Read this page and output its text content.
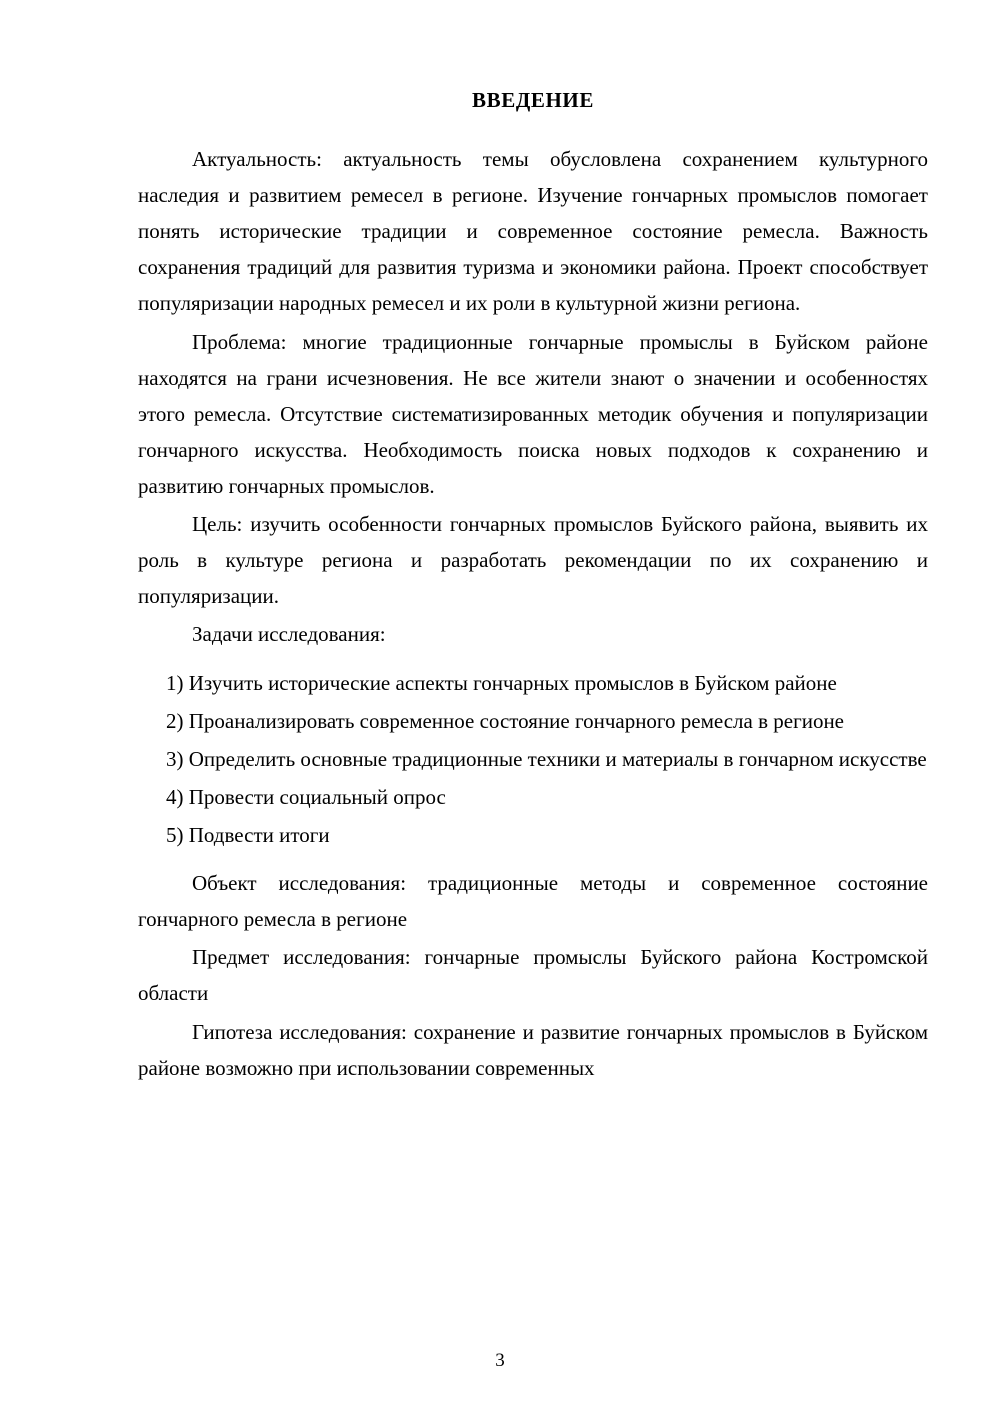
ВВЕДЕНИЕ

Актуальность: актуальность темы обусловлена сохранением культурного наследия и развитием ремесел в регионе. Изучение гончарных промыслов помогает понять исторические традиции и современное состояние ремесла. Важность сохранения традиций для развития туризма и экономики района. Проект способствует популяризации народных ремесел и их роли в культурной жизни региона.

Проблема: многие традиционные гончарные промыслы в Буйском районе находятся на грани исчезновения. Не все жители знают о значении и особенностях этого ремесла. Отсутствие систематизированных методик обучения и популяризации гончарного искусства. Необходимость поиска новых подходов к сохранению и развитию гончарных промыслов.

Цель: изучить особенности гончарных промыслов Буйского района, выявить их роль в культуре региона и разработать рекомендации по их сохранению и популяризации.

Задачи исследования:

1) Изучить исторические аспекты гончарных промыслов в Буйском районе

2) Проанализировать современное состояние гончарного ремесла в регионе

3) Определить основные традиционные техники и материалы в гончарном искусстве

4) Провести социальный опрос

5) Подвести итоги

Объект исследования: традиционные методы и современное состояние гончарного ремесла в регионе

Предмет исследования: гончарные промыслы Буйского района Костромской области

Гипотеза исследования: сохранение и развитие гончарных промыслов в Буйском районе возможно при использовании современных

3
